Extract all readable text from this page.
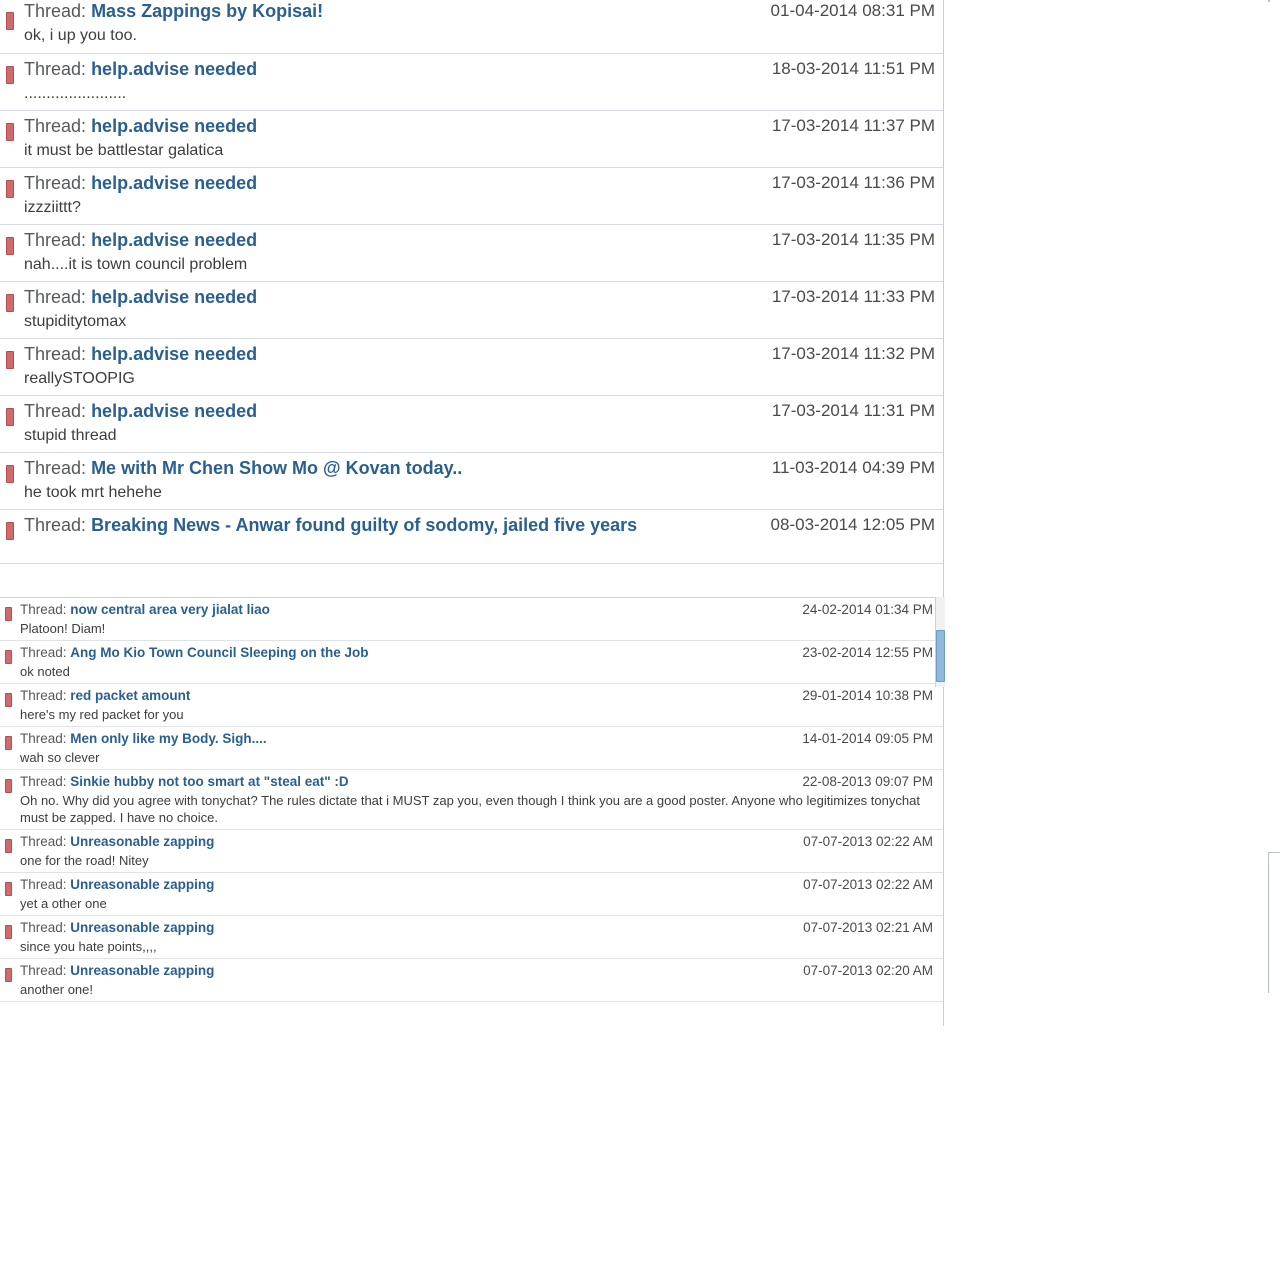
Thread: Mass Zappings by Kopisai!	01-04-2014 08:31 PM
ok, i up you too.
Thread: help.advise needed	18-03-2014 11:51 PM
.......................
Thread: help.advise needed	17-03-2014 11:37 PM
it must be battlestar galatica
Thread: help.advise needed	17-03-2014 11:36 PM
izzziittt?
Thread: help.advise needed	17-03-2014 11:35 PM
nah....it is town council problem
Thread: help.advise needed	17-03-2014 11:33 PM
stupiditytomax
Thread: help.advise needed	17-03-2014 11:32 PM
reallySTOOPIG
Thread: help.advise needed	17-03-2014 11:31 PM
stupid thread
Thread: Me with Mr Chen Show Mo @ Kovan today..	11-03-2014 04:39 PM
he took mrt hehehe
Thread: Breaking News - Anwar found guilty of sodomy, jailed five years	08-03-2014 12:05 PM
Thread: now central area very jialat liao	24-02-2014 01:34 PM
Platoon! Diam!
Thread: Ang Mo Kio Town Council Sleeping on the Job	23-02-2014 12:55 PM
ok noted
Thread: red packet amount	29-01-2014 10:38 PM
here's my red packet for you
Thread: Men only like my Body. Sigh....	14-01-2014 09:05 PM
wah so clever
Thread: Sinkie hubby not too smart at "steal eat" :D	22-08-2013 09:07 PM
Oh no. Why did you agree with tonychat? The rules dictate that i MUST zap you, even though I think you are a good poster. Anyone who legitimizes tonychat must be zapped. I have no choice.
Thread: Unreasonable zapping	07-07-2013 02:22 AM
one for the road! Nitey
Thread: Unreasonable zapping	07-07-2013 02:22 AM
yet a other one
Thread: Unreasonable zapping	07-07-2013 02:21 AM
since you hate points,,,,
Thread: Unreasonable zapping	07-07-2013 02:20 AM
another one!
